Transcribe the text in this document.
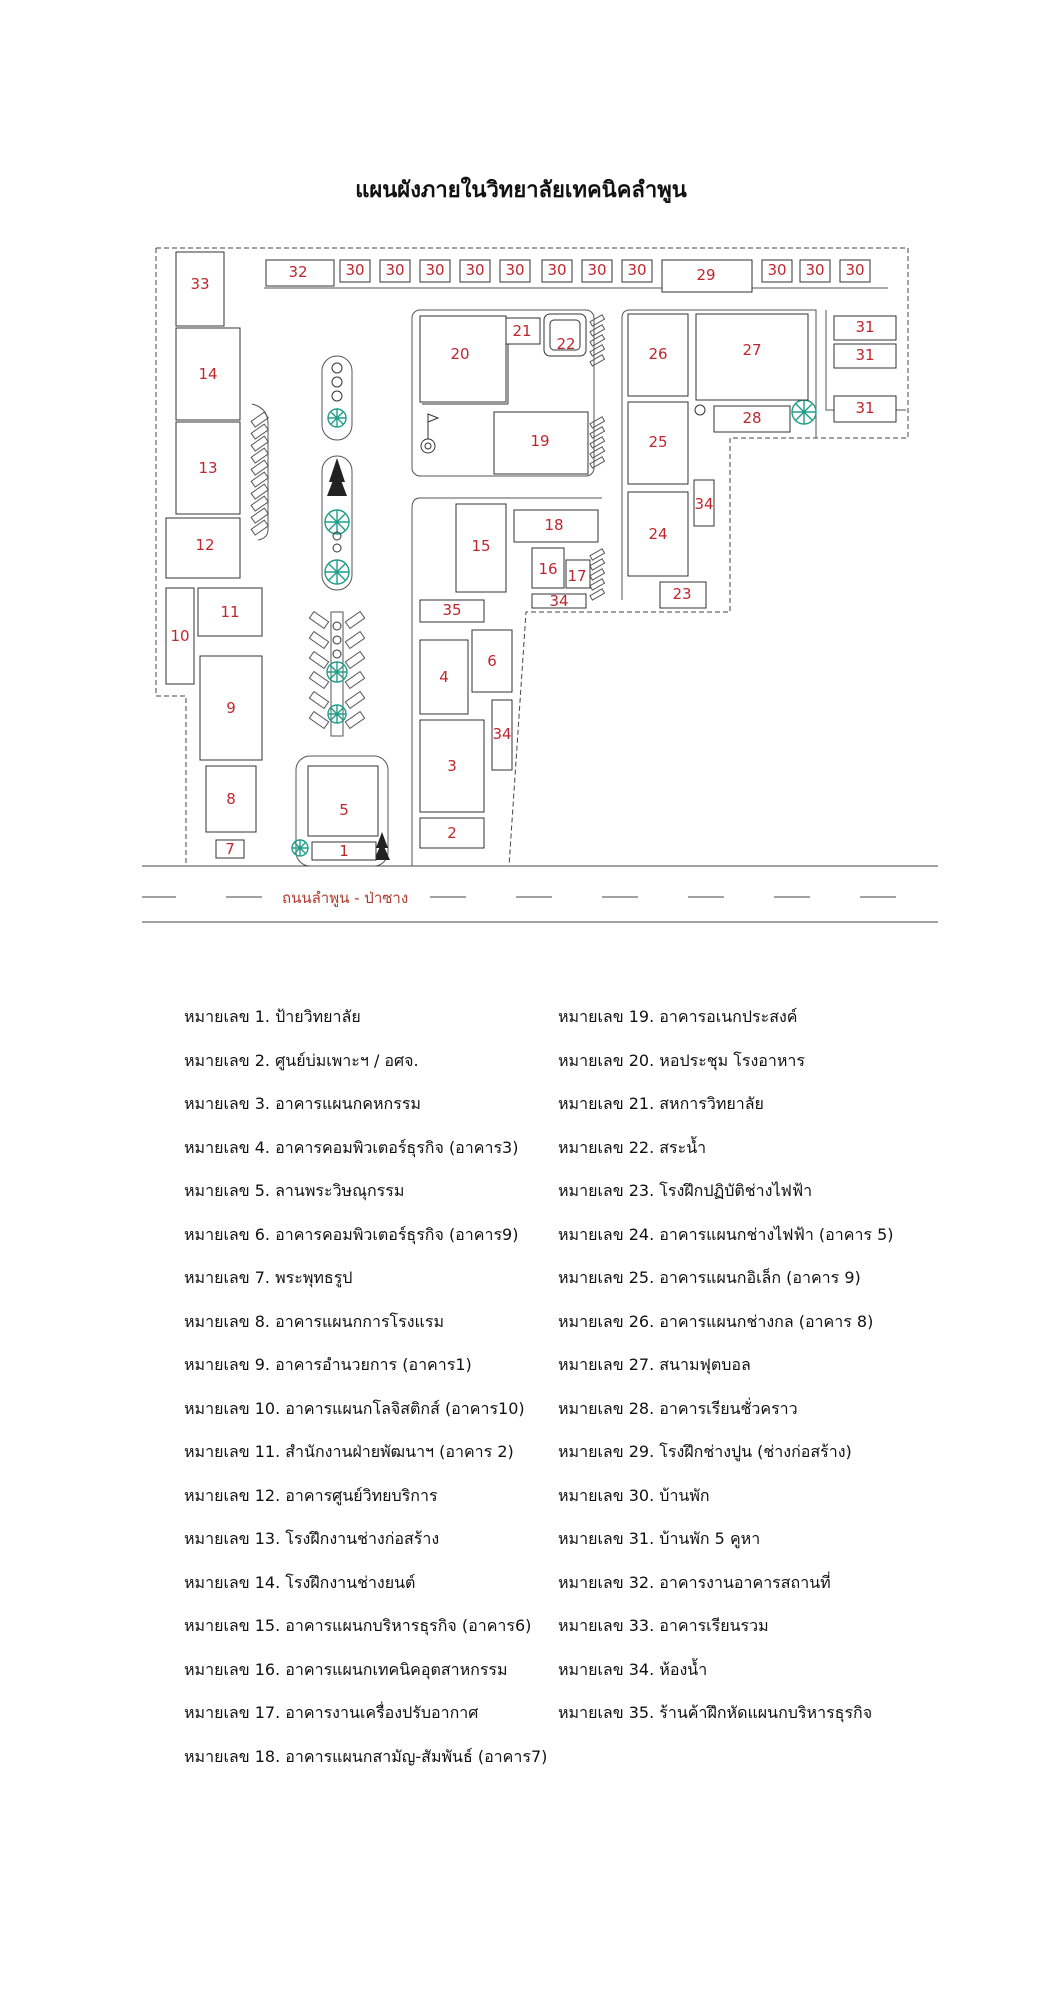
แผนผังภายในวิทยาลัยเทคนิคลำพูน
ถนนลำพูน - ป่าซาง
1
2
3
4
5
6
7
8
9
10
11
12
13
14
15
16 17
18
19
20
21
22
23
24
25
26	27
28
29
30 30 30 30 30 30 30 30	30 30 30
31
31
31
32
33
34
34
34
35
หมายเลข 1. ป้ายวิทยาลัย
หมายเลข 2. ศูนย์บ่มเพาะฯ / อศจ.
หมายเลข 3. อาคารแผนกคหกรรม
หมายเลข 4. อาคารคอมพิวเตอร์ธุรกิจ (อาคาร3)
หมายเลข 5. ลานพระวิษณุกรรม
หมายเลข 6. อาคารคอมพิวเตอร์ธุรกิจ (อาคาร9)
หมายเลข 7. พระพุทธรูป
หมายเลข 8. อาคารแผนกการโรงแรม
หมายเลข 9. อาคารอำนวยการ (อาคาร1)
หมายเลข 10. อาคารแผนกโลจิสติกส์ (อาคาร10)
หมายเลข 11. สำนักงานฝ่ายพัฒนาฯ (อาคาร 2)
หมายเลข 12. อาคารศูนย์วิทยบริการ
หมายเลข 13. โรงฝึกงานช่างก่อสร้าง
หมายเลข 14. โรงฝึกงานช่างยนต์
หมายเลข 15. อาคารแผนกบริหารธุรกิจ (อาคาร6)
หมายเลข 16. อาคารแผนกเทคนิคอุตสาหกรรม
หมายเลข 17. อาคารงานเครื่องปรับอากาศ
หมายเลข 18. อาคารแผนกสามัญ-สัมพันธ์ (อาคาร7)
หมายเลข 19. อาคารอเนกประสงค์
หมายเลข 20. หอประชุม โรงอาหาร
หมายเลข 21. สหการวิทยาลัย
หมายเลข 22. สระน้ำ
หมายเลข 23. โรงฝึกปฏิบัติช่างไฟฟ้า
หมายเลข 24. อาคารแผนกช่างไฟฟ้า (อาคาร 5)
หมายเลข 25. อาคารแผนกอิเล็ก (อาคาร 9)
หมายเลข 26. อาคารแผนกช่างกล (อาคาร 8)
หมายเลข 27. สนามฟุตบอล
หมายเลข 28. อาคารเรียนชั่วคราว
หมายเลข 29. โรงฝึกช่างปูน (ช่างก่อสร้าง)
หมายเลข 30. บ้านพัก
หมายเลข 31. บ้านพัก 5 คูหา
หมายเลข 32. อาคารงานอาคารสถานที่
หมายเลข 33. อาคารเรียนรวม
หมายเลข 34. ห้องน้ำ
หมายเลข 35. ร้านค้าฝึกหัดแผนกบริหารธุรกิจ
